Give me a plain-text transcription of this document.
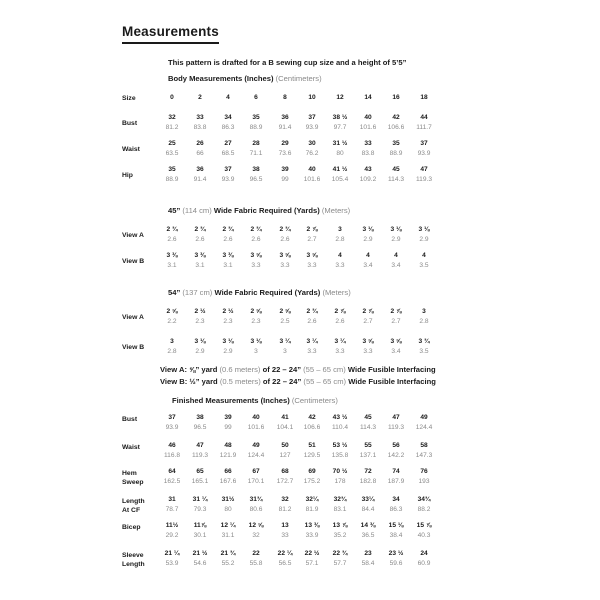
Measurements
This pattern is drafted for a B sewing cup size and a height of 5’5”
Body Measurements (Inches) (Centimeters)
45” (114 cm) Wide Fabric Required (Yards) (Meters)
54” (137 cm) Wide Fabric Required (Yards) (Meters)
View A: ⅝” yard (0.6 meters) of 22 – 24” (55 – 65 cm) Wide Fusible Interfacing
View B: ½” yard (0.5 meters) of 22 – 24” (55 – 65 cm) Wide Fusible Interfacing
Finished Measurements (Inches) (Centimeters)
Size	0	2	4	6	8	10	12	14	16	18
Bust
32	33	34	35	36	37	38 ½	40	42	44
81.2	83.8	86.3	88.9	91.4	93.9	97.7	101.6	106.6	111.7
Waist
25	26	27	28	29	30	31 ½	33	35	37
63.5	66	68.5	71.1	73.6	76.2	80	83.8	88.9	93.9
Hip
35	36	37	38	39	40	41 ½	43	45	47
88.9	91.4	93.9	96.5	99	101.6	105.4	109.2	114.3	119.3
View A
2 ¾	2 ¾	2 ¾	2 ¾	2 ¾	2 ⅞	3	3 ⅛	3 ⅛	3 ⅛
2.6	2.6	2.6	2.6	2.6	2.7	2.8	2.9	2.9	2.9
View B
3 ⅜	3 ⅜	3 ⅜	3 ⅝	3 ⅝	3 ⅝	4	4	4	4
3.1	3.1	3.1	3.3	3.3	3.3	3.3	3.4	3.4	3.5
View A
2 ⅝	2 ½	2 ½	2 ⅝	2 ⅝	2 ¾	2 ⅞	2 ⅞	2 ⅞	3
2.2	2.3	2.3	2.3	2.5	2.6	2.6	2.7	2.7	2.8
View B
3	3 ⅛	3 ⅛	3 ⅛	3 ¼	3 ¼	3 ¼	3 ⅝	3 ⅝	3 ¾
2.8	2.9	2.9	3	3	3.3	3.3	3.3	3.4	3.5
Bust	37	38	39	40	41	42	43 ½	45	47	49
93.9	96.5	99	101.6	104.1	106.6	110.4	114.3	119.3	124.4
Waist	46	47	48	49	50	51	53 ½	55	56	58
116.8	119.3	121.9	124.4	127	129.5	135.8	137.1	142.2	147.3
Hem
Sweep
64	65	66	67	68	69	70 ½	72	74	76
162.5	165.1	167.6	170.1	172.7	175.2	178	182.8	187.9	193
Length
At CF
31	31 ¼	31½	31¾	32	32¼	32¾	33¼	34	34¾
78.7	79.3	80	80.6	81.2	81.9	83.1	84.4	86.3	88.2
Bicep	11½	11⅞	12 ¼	12 ⅝	13	13 ⅜	13 ⅞	14 ⅜	15 ⅛	15 ⅞
29.2	30.1	31.1	32	33	33.9	35.2	36.5	38.4	40.3
Sleeve
Length
21 ¼	21 ½	21 ¾	22	22 ¼	22 ½	22 ¾	23	23 ½	24
53.9	54.6	55.2	55.8	56.5	57.1	57.7	58.4	59.6	60.9
